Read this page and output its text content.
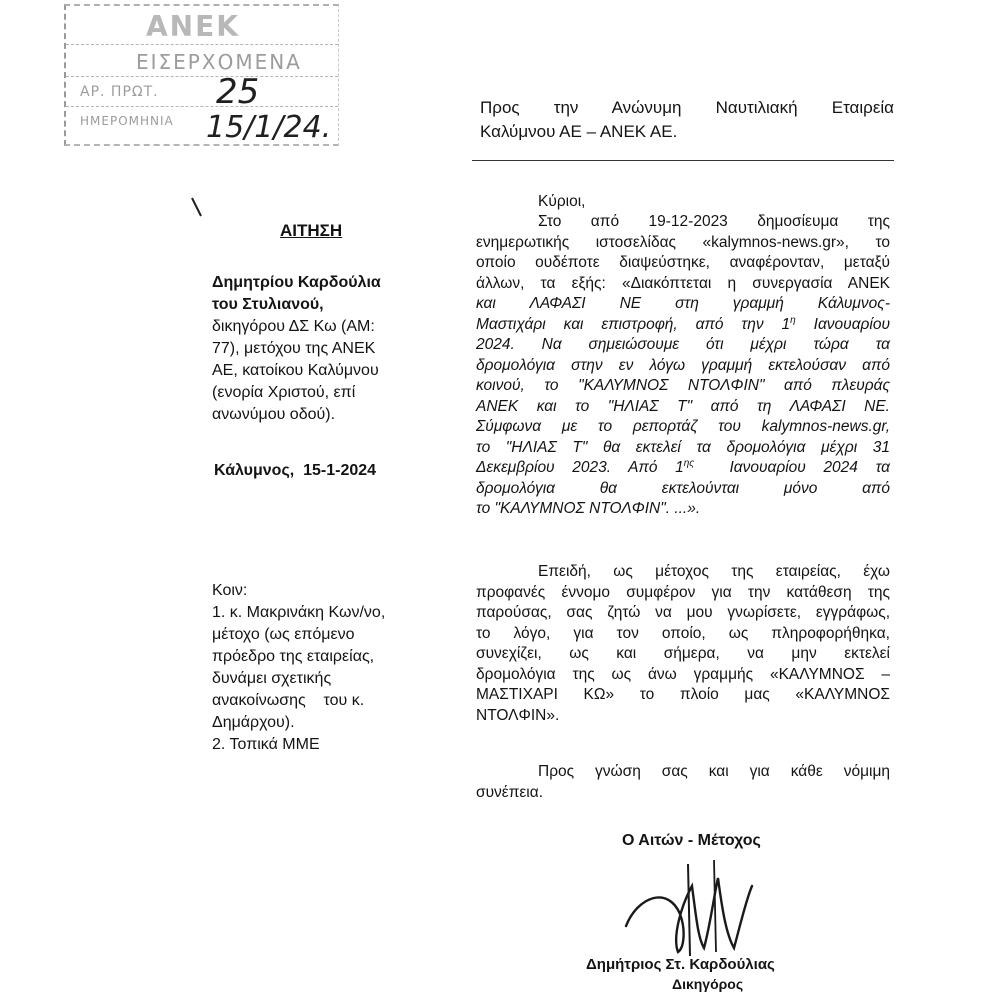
ΑΝΕΚ
ΕΙΣΕΡΧΟΜΕΝΑ
ΑΡ. ΠΡΩΤ. 25
ΗΜΕΡΟΜΗΝΙΑ 15/1/24.
Προς την Ανώνυμη Ναυτιλιακή Εταιρεία
Καλύμνου ΑΕ – ΑΝΕΚ ΑΕ.
ΑΙΤΗΣΗ
Δημητρίου Καρδούλια
του Στυλιανού,
δικηγόρου ΔΣ Κω (ΑΜ:
77), μετόχου της ΑΝΕΚ
ΑΕ, κατοίκου Καλύμνου
(ενορία Χριστού, επί
ανωνύμου οδού).
Κάλυμνος,  15-1-2024
Κοιν:
1. κ. Μακρινάκη Κων/νο,
μέτοχο (ως επόμενο
πρόεδρο της εταιρείας,
δυνάμει σχετικής
ανακοίνωσης    του κ.
Δημάρχου).
2. Τοπικά ΜΜΕ
Κύριοι,
Στο  από  19-12-2023  δημοσίευμα  της
ενημερωτικής ιστοσελίδας «kalymnos-news.gr», το
οποίο ουδέποτε διαψεύστηκε, αναφέρονταν, μεταξύ
άλλων, τα εξής: «Διακόπτεται η συνεργασία ΑΝΕΚ
και ΛΑΦΑΣΙ ΝΕ στη γραμμή Κάλυμνος-
Μαστιχάρι και επιστροφή, από την $1^\eta$ Ιανουαρίου
2024. Να σημειώσουμε ότι μέχρι τώρα τα
δρομολόγια στην εν λόγω γραμμή εκτελούσαν από
κοινού, το "ΚΑΛΥΜΝΟΣ ΝΤΟΛΦΙΝ" από πλευράς
ΑΝΕΚ και το "ΗΛΙΑΣ Τ" από τη ΛΑΦΑΣΙ ΝΕ.
Σύμφωνα με το ρεπορτάζ του kalymnos-news.gr,
το "ΗΛΙΑΣ Τ" θα εκτελεί τα δρομολόγια μέχρι 31
Δεκεμβρίου 2023. Από $1^{\eta\varsigma}$  Ιανουαρίου 2024 τα
δρομολόγια        θα        εκτελούνται        μόνο        από
το "ΚΑΛΥΜΝΟΣ ΝΤΟΛΦΙΝ". ...».
Επειδή, ως μέτοχος της εταιρείας, έχω
προφανές έννομο συμφέρον για την κατάθεση της
παρούσας, σας ζητώ να μου γνωρίσετε, εγγράφως,
το λόγο, για τον οποίο, ως πληροφορήθηκα,
συνεχίζει, ως και σήμερα, να μην εκτελεί
δρομολόγια της ως άνω γραμμής «ΚΑΛΥΜΝΟΣ –
ΜΑΣΤΙΧΑΡΙ ΚΩ» το πλοίο μας «ΚΑΛΥΜΝΟΣ
ΝΤΟΛΦΙΝ».
Προς γνώση σας και για κάθε νόμιμη
συνέπεια.
Ο Αιτών - Μέτοχος
Δημήτριος Στ. Καρδούλιας
Δικηγόρος
